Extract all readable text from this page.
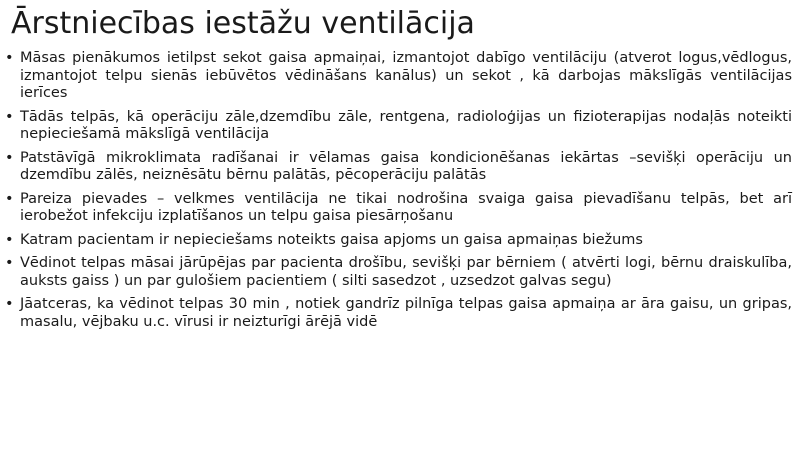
Ārstniecības iestāžu ventilācija
• Māsas pienākumos ietilpst sekot gaisa apmaiņai, izmantojot dabīgo ventilāciju (atverot logus,vēdlogus, izmantojot telpu sienās iebūvētos vēdināšans kanālus) un sekot , kā darbojas mākslīgās ventilācijas ierīces
• Tādās telpās, kā operāciju zāle,dzemdību zāle, rentgena, radioloģijas un fizioterapijas nodaļās noteikti nepieciešamā mākslīgā ventilācija
• Patstāvīgā mikroklimata radīšanai ir vēlamas gaisa kondicionēšanas iekārtas –sevišķi operāciju un dzemdību zālēs, neiznēsātu bērnu palātās, pēcoperāciju palātās
• Pareiza pievades – velkmes ventilācija ne tikai nodrošina svaiga gaisa pievadīšanu telpās, bet arī ierobežot infekciju izplatīšanos un telpu gaisa piesārņošanu
• Katram pacientam ir nepieciešams noteikts gaisa apjoms un gaisa apmaiņas biežums
• Vēdinot telpas māsai jārūpējas par pacienta drošību, sevišķi par bērniem ( atvērti logi, bērnu draiskulība, auksts gaiss ) un par gulošiem pacientiem ( silti sasedzot , uzsedzot galvas segu)
• Jāatceras, ka vēdinot telpas 30 min , notiek gandrīz pilnīga telpas gaisa apmaiņa ar āra gaisu, un gripas, masalu, vējbaku u.c. vīrusi ir neizturīgi ārējā vidē
